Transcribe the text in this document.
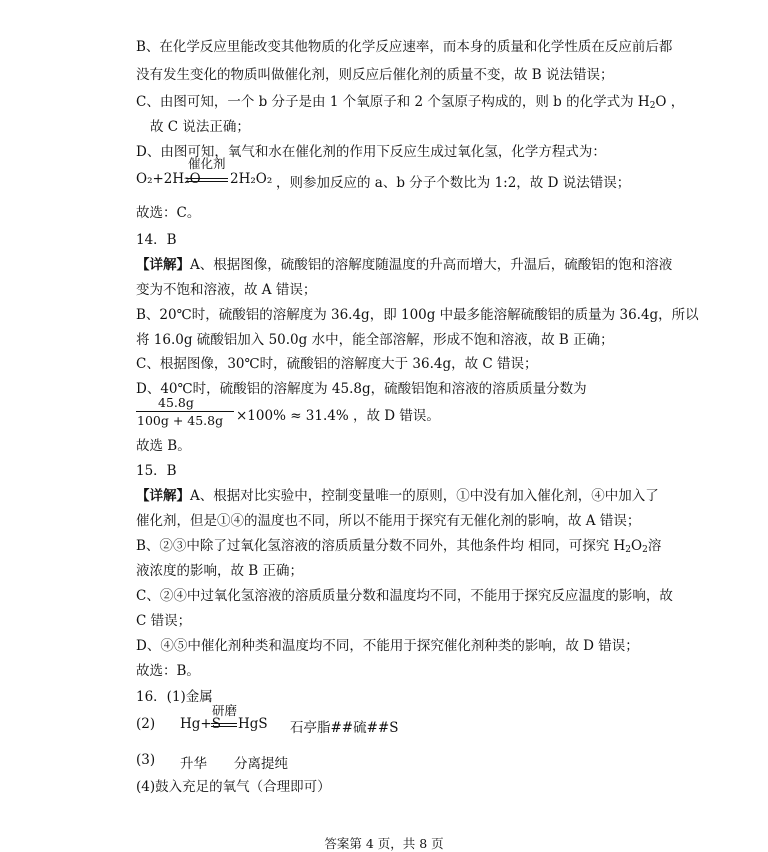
B、在化学反应里能改变其他物质的化学反应速率，而本身的质量和化学性质在反应前后都
没有发生变化的物质叫做催化剂，则反应后催化剂的质量不变，故 B 说法错误；
C、由图可知，一个 b 分子是由 1 个氧原子和 2 个氢原子构成的，则 b 的化学式为 $H_2O$ ，
故 C 说法正确；
D、由图可知，氧气和水在催化剂的作用下反应生成过氧化氢，化学方程式为：
O₂+2H₂O
催化剂
2H₂O₂ ，则参加反应的 a、b 分子个数比为 1:2，故 D 说法错误；
故选：C。
14．B
【详解】A、根据图像，硫酸铝的溶解度随温度的升高而增大，升温后，硫酸铝的饱和溶液
变为不饱和溶液，故 A 错误；
B、20℃时，硫酸铝的溶解度为 36.4g，即 100g 中最多能溶解硫酸铝的质量为 36.4g，所以
将 16.0g 硫酸铝加入 50.0g 水中，能全部溶解，形成不饱和溶液，故 B 正确；
C、根据图像，30℃时，硫酸铝的溶解度大于 36.4g，故 C 错误；
D、40℃时，硫酸铝的溶解度为 45.8g，硫酸铝饱和溶液的溶质质量分数为
45.8g
100g + 45.8g ×100% ≈ 31.4% ，故 D 错误。
故选 B。
15．B
【详解】A、根据对比实验中，控制变量唯一的原则，①中没有加入催化剂，④中加入了
催化剂，但是①④的温度也不同，所以不能用于探究有无催化剂的影响，故 A 错误；
B、②③中除了过氧化氢溶液的溶质质量分数不同外，其他条件均 相同，可探究 $H_2O_2$溶
液浓度的影响，故 B 正确；
C、②④中过氧化氢溶液的溶质质量分数和温度均不同，不能用于探究反应温度的影响，故
C 错误；
D、④⑤中催化剂种类和温度均不同，不能用于探究催化剂种类的影响，故 D 错误；
故选：B。
16．(1)金属
(2) Hg+S
研磨
HgS 石亭脂##硫##S
(3) 升华 分离提纯
(4)鼓入充足的氧气（合理即可）
答案第 4 页，共 8 页
